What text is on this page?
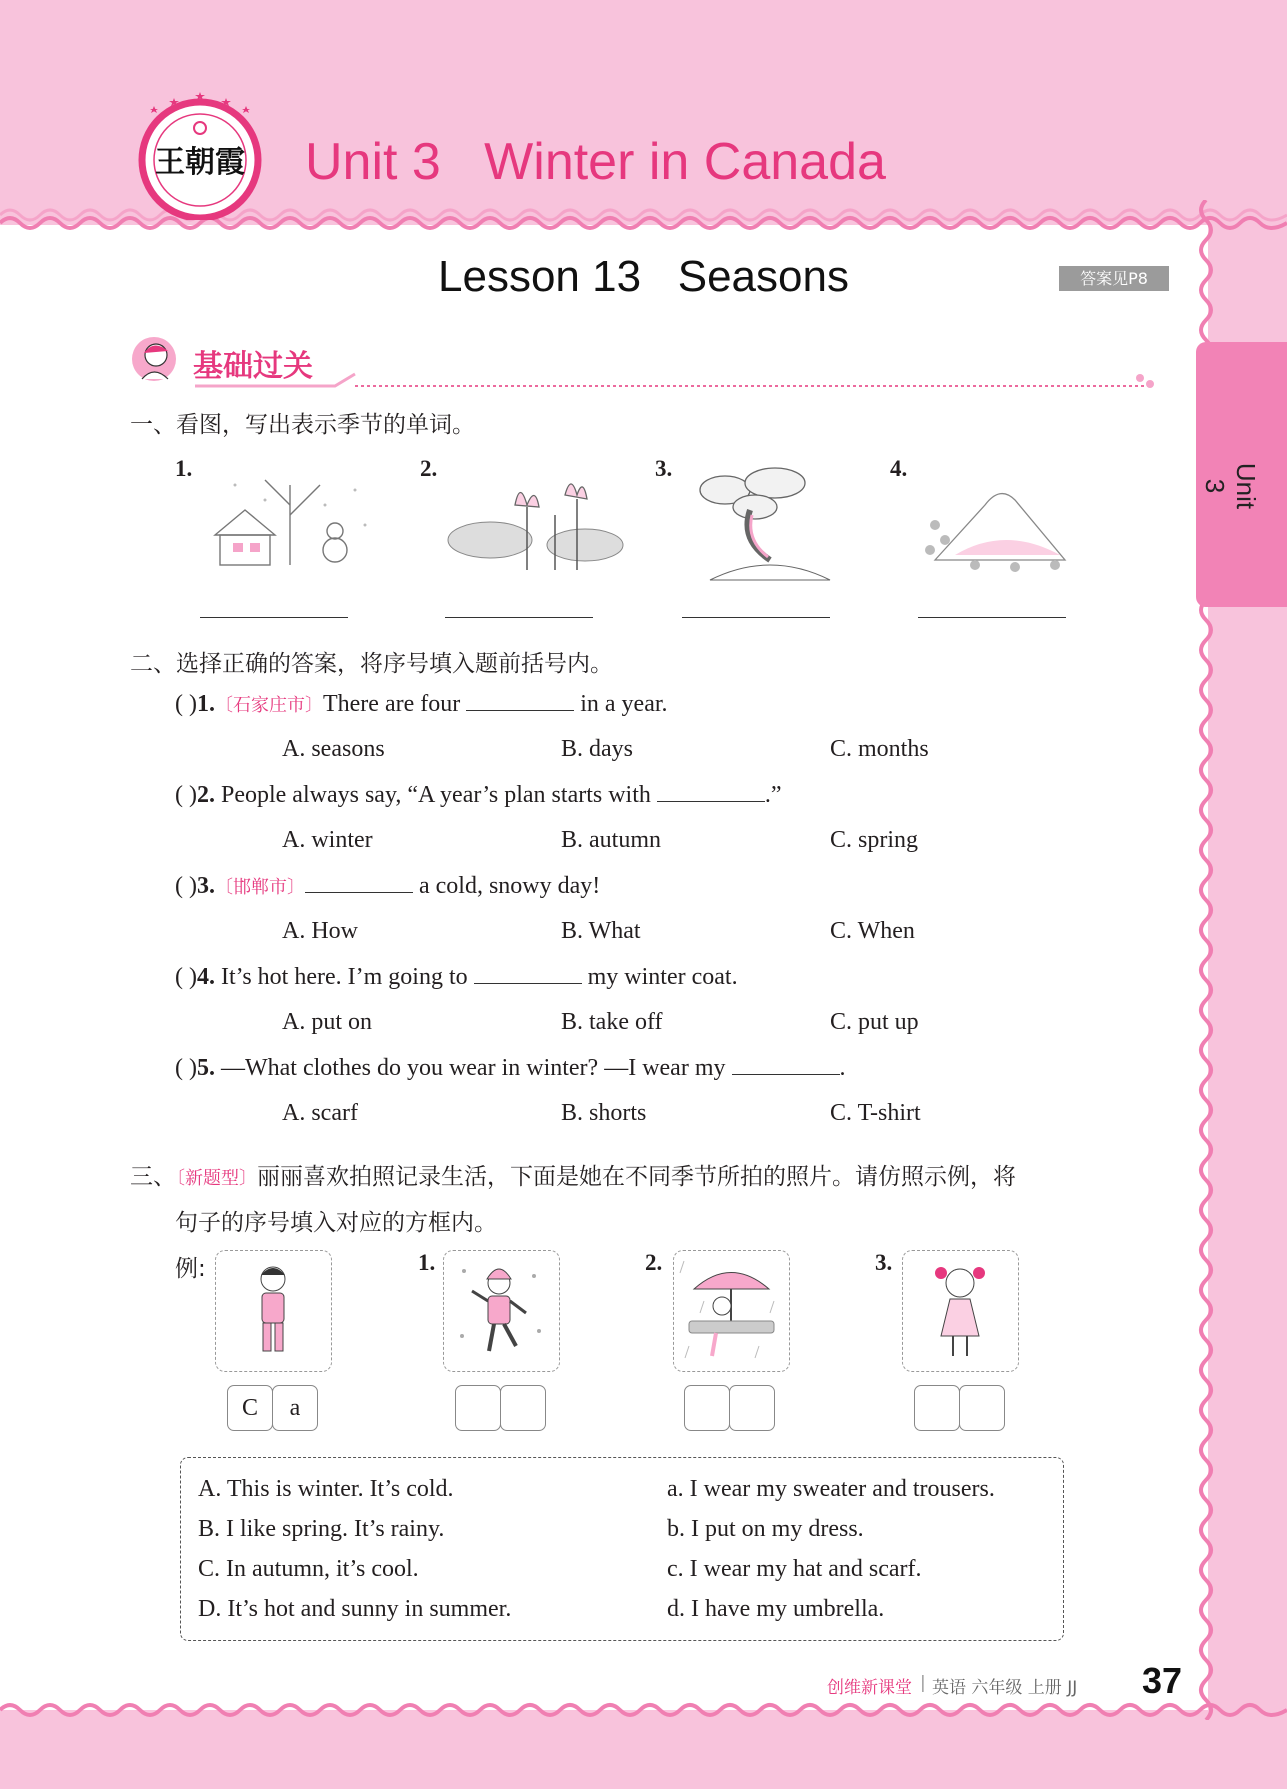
王朝霞 Unit 3   Winter in Canada
Lesson 13   Seasons	答案见P8
Unit 3
基础过关
一、看图，写出表示季节的单词。
1.	2.	3.	4.
二、选择正确的答案，将序号填入题前括号内。
( )1.〔石家庄市〕There are four	in a year.
A. seasons	B. days	C. months
( )2. People always say, “A year’s plan starts with	.”
A. winter	B. autumn	C. spring
( )3.〔邯郸市〕	a cold, snowy day!
A. How	B. What	C. When
( )4. It’s hot here. I’m going to	my winter coat.
A. put on	B. take off	C. put up
( )5. —What clothes do you wear in winter? —I wear my	.
A. scarf	B. shorts	C. T-shirt
三、〔新题型〕丽丽喜欢拍照记录生活，下面是她在不同季节所拍的照片。请仿照示例，将
句子的序号填入对应的方框内。
例:
C	a
1.	2.	3.
A. This is winter. It’s cold.
B. I like spring. It’s rainy.
C. In autumn, it’s cool.
D. It’s hot and sunny in summer.
a. I wear my sweater and trousers.
b. I put on my dress.
c. I wear my hat and scarf.
d. I have my umbrella.
创维新课堂 | 英语 六年级 上册 JJ 37
